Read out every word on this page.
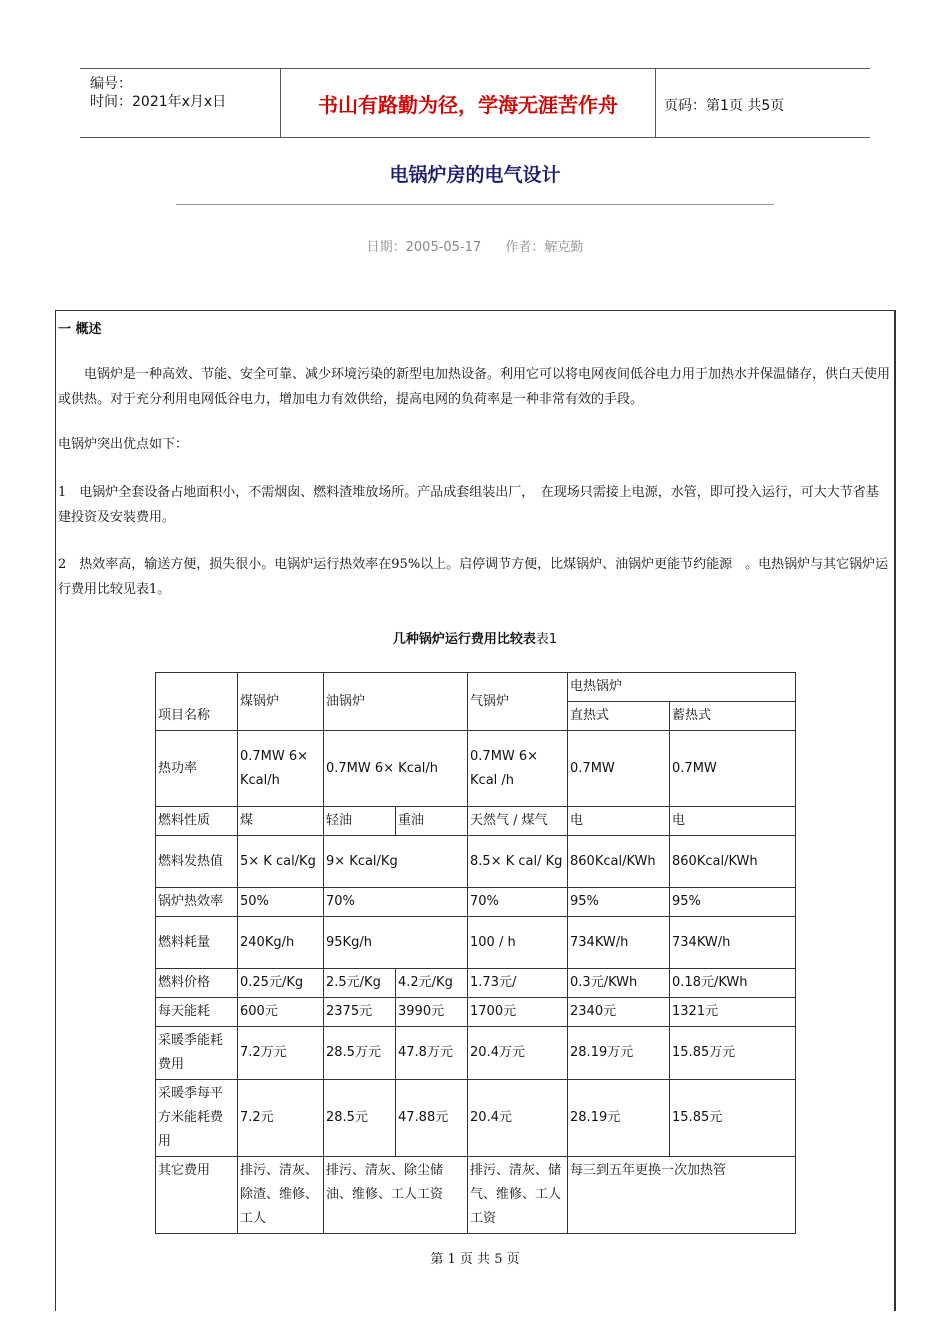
编号：
时间：2021年x月x日	书山有路勤为径，学海无涯苦作舟	页码：第1页 共5页
电锅炉房的电气设计
日期：2005-05-17 作者：解克勤
一 概述
　　电锅炉是一种高效、节能、安全可靠、减少环境污染的新型电加热设备。利用它可以将电网夜间低谷电力用于加热水并保温储存，供白天使用或供热。对于充分利用电网低谷电力，增加电力有效供给，提高电网的负荷率是一种非常有效的手段。
电锅炉突出优点如下：
1　电锅炉全套设备占地面积小，不需烟囱、燃料渣堆放场所。产品成套组装出厂，　在现场只需接上电源，水管，即可投入运行，可大大节省基建投资及安装费用。
2　热效率高，输送方便，损失很小。电锅炉运行热效率在95%以上。启停调节方便，比煤锅炉、油锅炉更能节约能源　。电热锅炉与其它锅炉运行费用比较见表1。
几种锅炉运行费用比较表表1
项目名称	煤锅炉	油锅炉		气锅炉	电热锅炉	
					直热式	蓄热式
热功率	0.7MW 6× Kcal/h	0.7MW 6× Kcal/h		0.7MW 6× Kcal /h	0.7MW	0.7MW
燃料性质	煤	轻油	重油	天然气 / 煤气	电	电
燃料发热值	5× K cal/Kg	9× Kcal/Kg		8.5× K cal/ Kg	860Kcal/KWh	860Kcal/KWh
锅炉热效率	50%	70%		70%	95%	95%
燃料耗量	240Kg/h	95Kg/h		100 / h	734KW/h	734KW/h
燃料价格	0.25元/Kg	2.5元/Kg	4.2元/Kg	1.73元/	0.3元/KWh	0.18元/KWh
每天能耗	600元	2375元	3990元	1700元	2340元	1321元
采暖季能耗费用	7.2万元	28.5万元	47.8万元	20.4万元	28.19万元	15.85万元
采暖季每平方米能耗费用	7.2元	28.5元	47.88元	20.4元	28.19元	15.85元
其它费用	排污、清灰、除渣、维修、工人	排污、清灰、除尘储油、维修、工人工资		排污、清灰、储气、维修、工人工资	每三到五年更换一次加热管	
第 1 页 共 5 页
